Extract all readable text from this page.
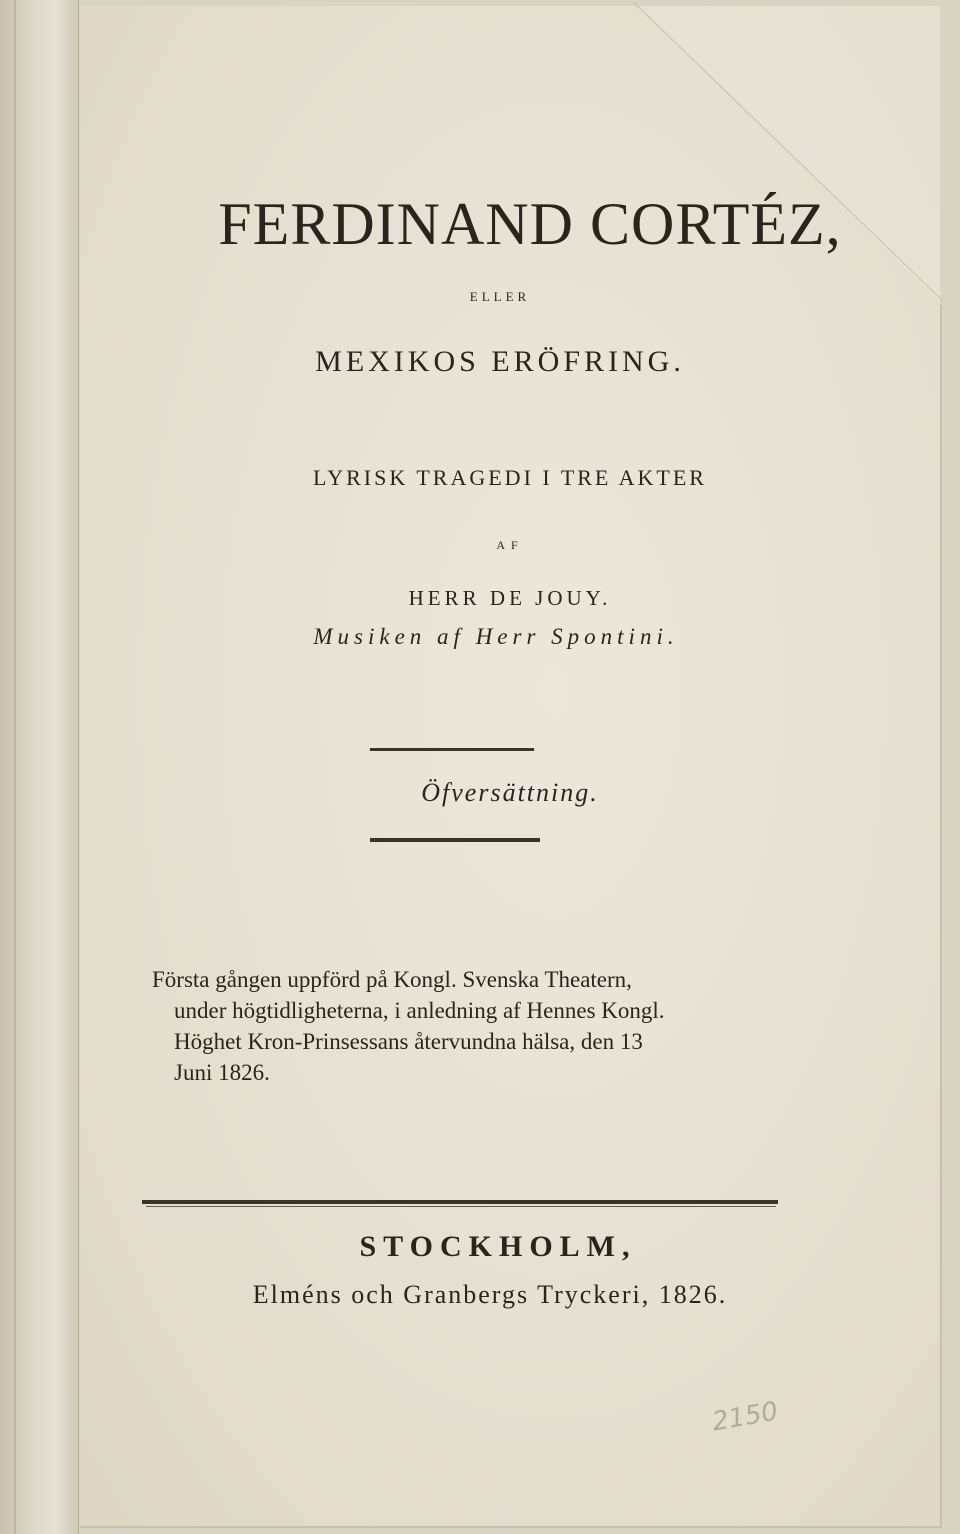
FERDINAND CORTÉZ,
ELLER
MEXIKOS ERÖFRING.
LYRISK TRAGEDI I TRE AKTER
AF
HERR DE JOUY.
Musiken af Herr Spontini.
Öfversättning.
Första gången uppförd på Kongl. Svenska Theatern,
under högtidligheterna, i anledning af Hennes Kongl.
Höghet Kron-Prinsessans återvundna hälsa, den 13
Juni 1826.
STOCKHOLM,
Elméns och Granbergs Tryckeri, 1826.
2150
